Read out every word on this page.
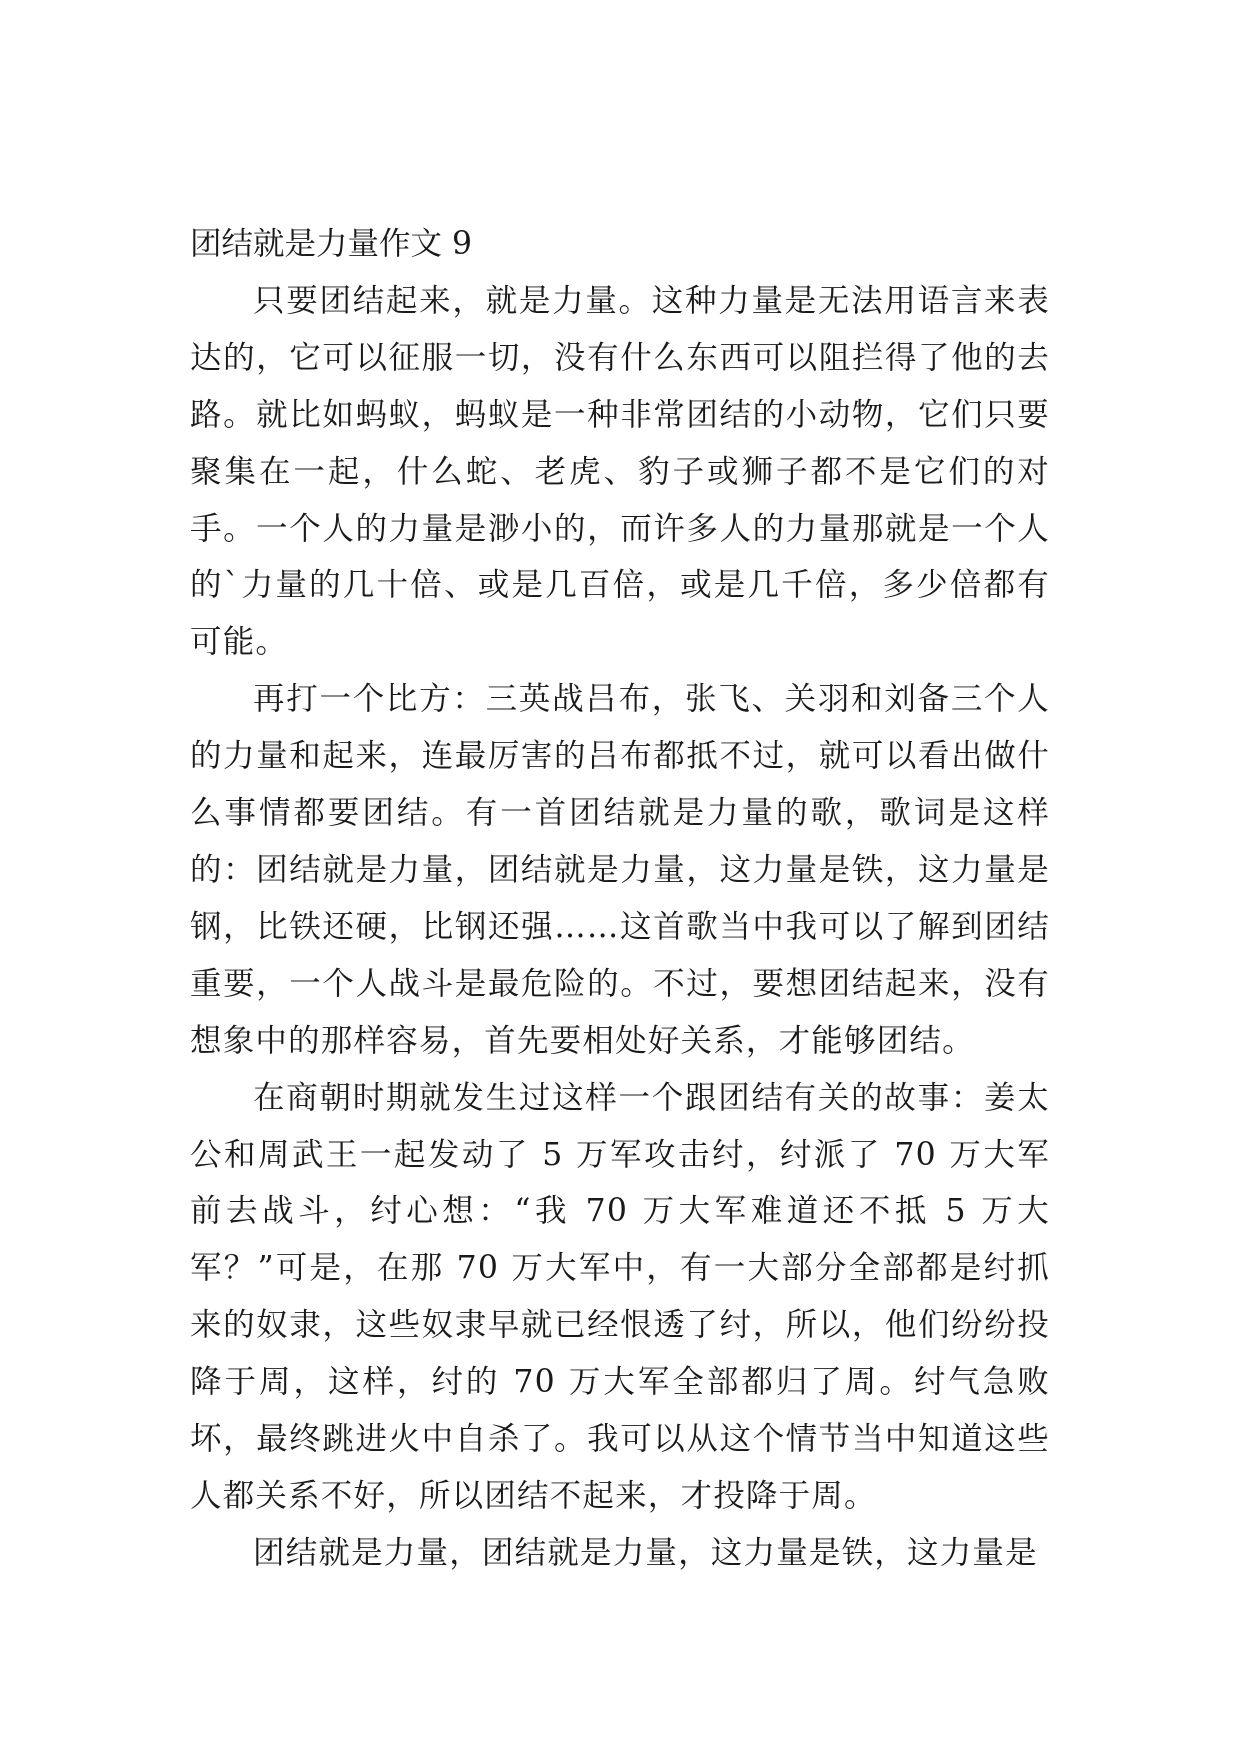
团结就是力量作文 9

只要团结起来，就是力量。这种力量是无法用语言来表达的，它可以征服一切，没有什么东西可以阻拦得了他的去路。就比如蚂蚁，蚂蚁是一种非常团结的小动物，它们只要聚集在一起，什么蛇、老虎、豹子或狮子都不是它们的对手。一个人的力量是渺小的，而许多人的力量那就是一个人的`力量的几十倍、或是几百倍，或是几千倍，多少倍都有可能。

再打一个比方：三英战吕布，张飞、关羽和刘备三个人的力量和起来，连最厉害的吕布都抵不过，就可以看出做什么事情都要团结。有一首团结就是力量的歌，歌词是这样的：团结就是力量，团结就是力量，这力量是铁，这力量是钢，比铁还硬，比钢还强……这首歌当中我可以了解到团结重要，一个人战斗是最危险的。不过，要想团结起来，没有想象中的那样容易，首先要相处好关系，才能够团结。

在商朝时期就发生过这样一个跟团结有关的故事：姜太公和周武王一起发动了 5 万军攻击纣，纣派了 70 万大军前去战斗，纣心想：“我 70 万大军难道还不抵 5 万大军？”可是，在那 70 万大军中，有一大部分全部都是纣抓来的奴隶，这些奴隶早就已经恨透了纣，所以，他们纷纷投降于周，这样，纣的 70 万大军全部都归了周。纣气急败坏，最终跳进火中自杀了。我可以从这个情节当中知道这些人都关系不好，所以团结不起来，才投降于周。

团结就是力量，团结就是力量，这力量是铁，这力量是
